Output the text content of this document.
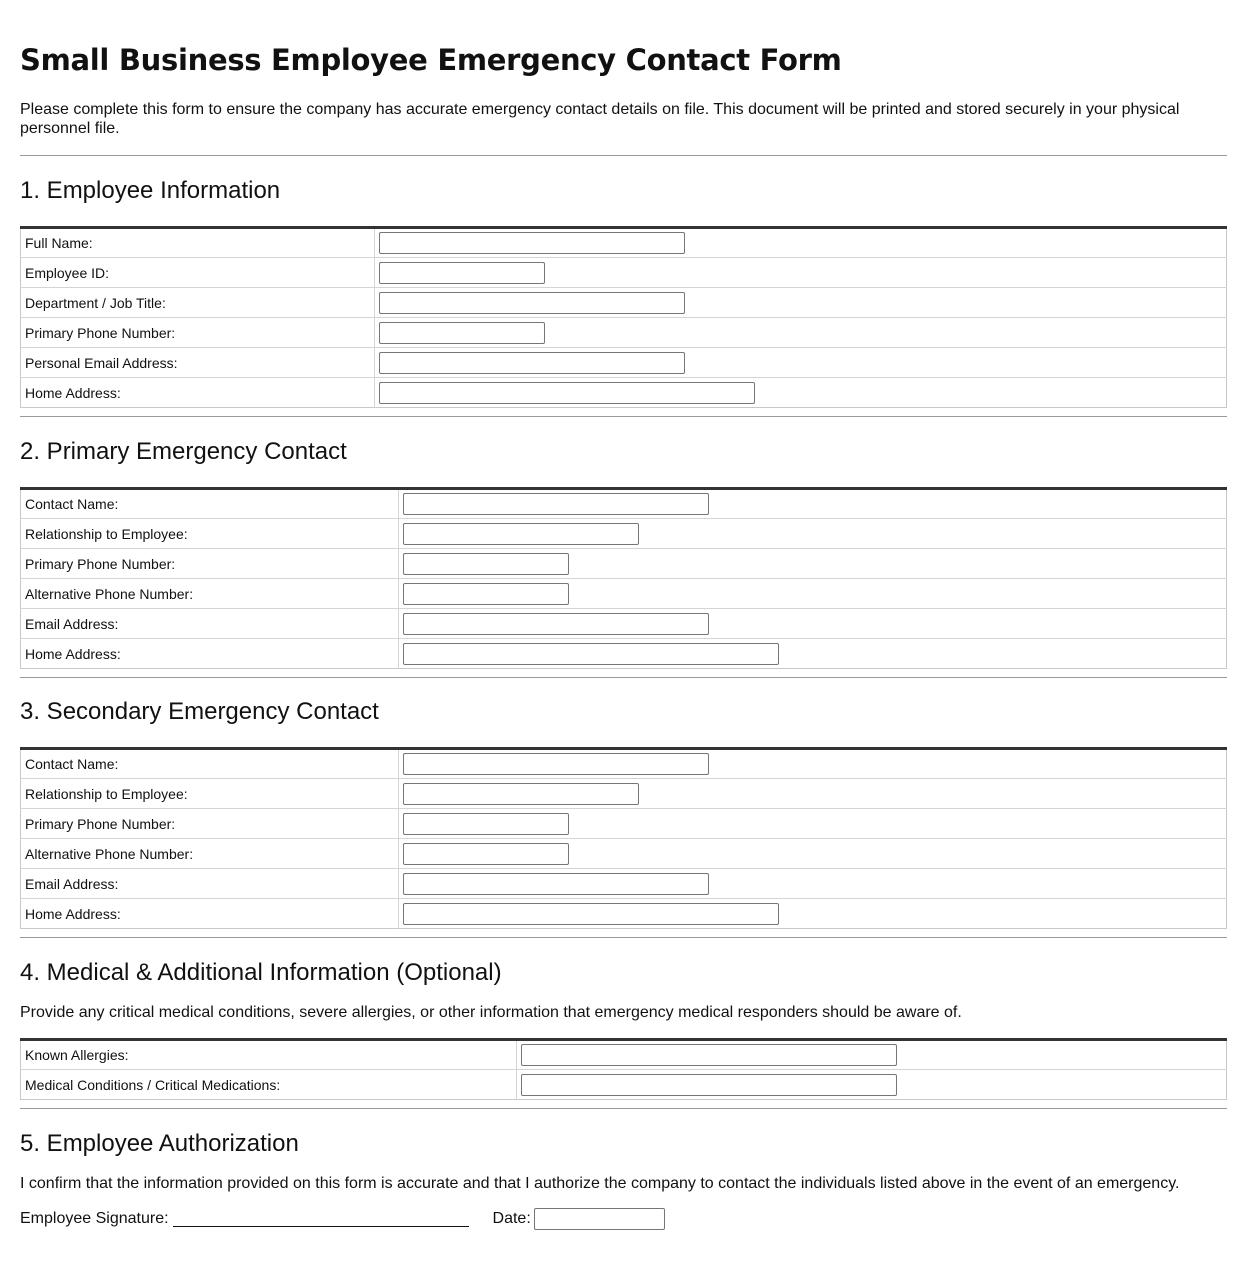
Small Business Employee Emergency Contact Form
Please complete this form to ensure the company has accurate emergency contact details on file. This document will be printed and stored securely in your physical personnel file.
1. Employee Information
Full Name:	

Employee ID:	

Department / Job Title:	

Primary Phone Number:	

Personal Email Address:	

Home Address:	
2. Primary Emergency Contact
Contact Name:	

Relationship to Employee:	

Primary Phone Number:	

Alternative Phone Number:	

Email Address:	

Home Address:	
3. Secondary Emergency Contact
Contact Name:	

Relationship to Employee:	

Primary Phone Number:	

Alternative Phone Number:	

Email Address:	

Home Address:	
4. Medical & Additional Information (Optional)
Provide any critical medical conditions, severe allergies, or other information that emergency medical responders should be aware of.
Known Allergies:	

Medical Conditions / Critical Medications:	
5. Employee Authorization
I confirm that the information provided on this form is accurate and that I authorize the company to contact the individuals listed above in the event of an emergency.
Employee Signature:	Date:
